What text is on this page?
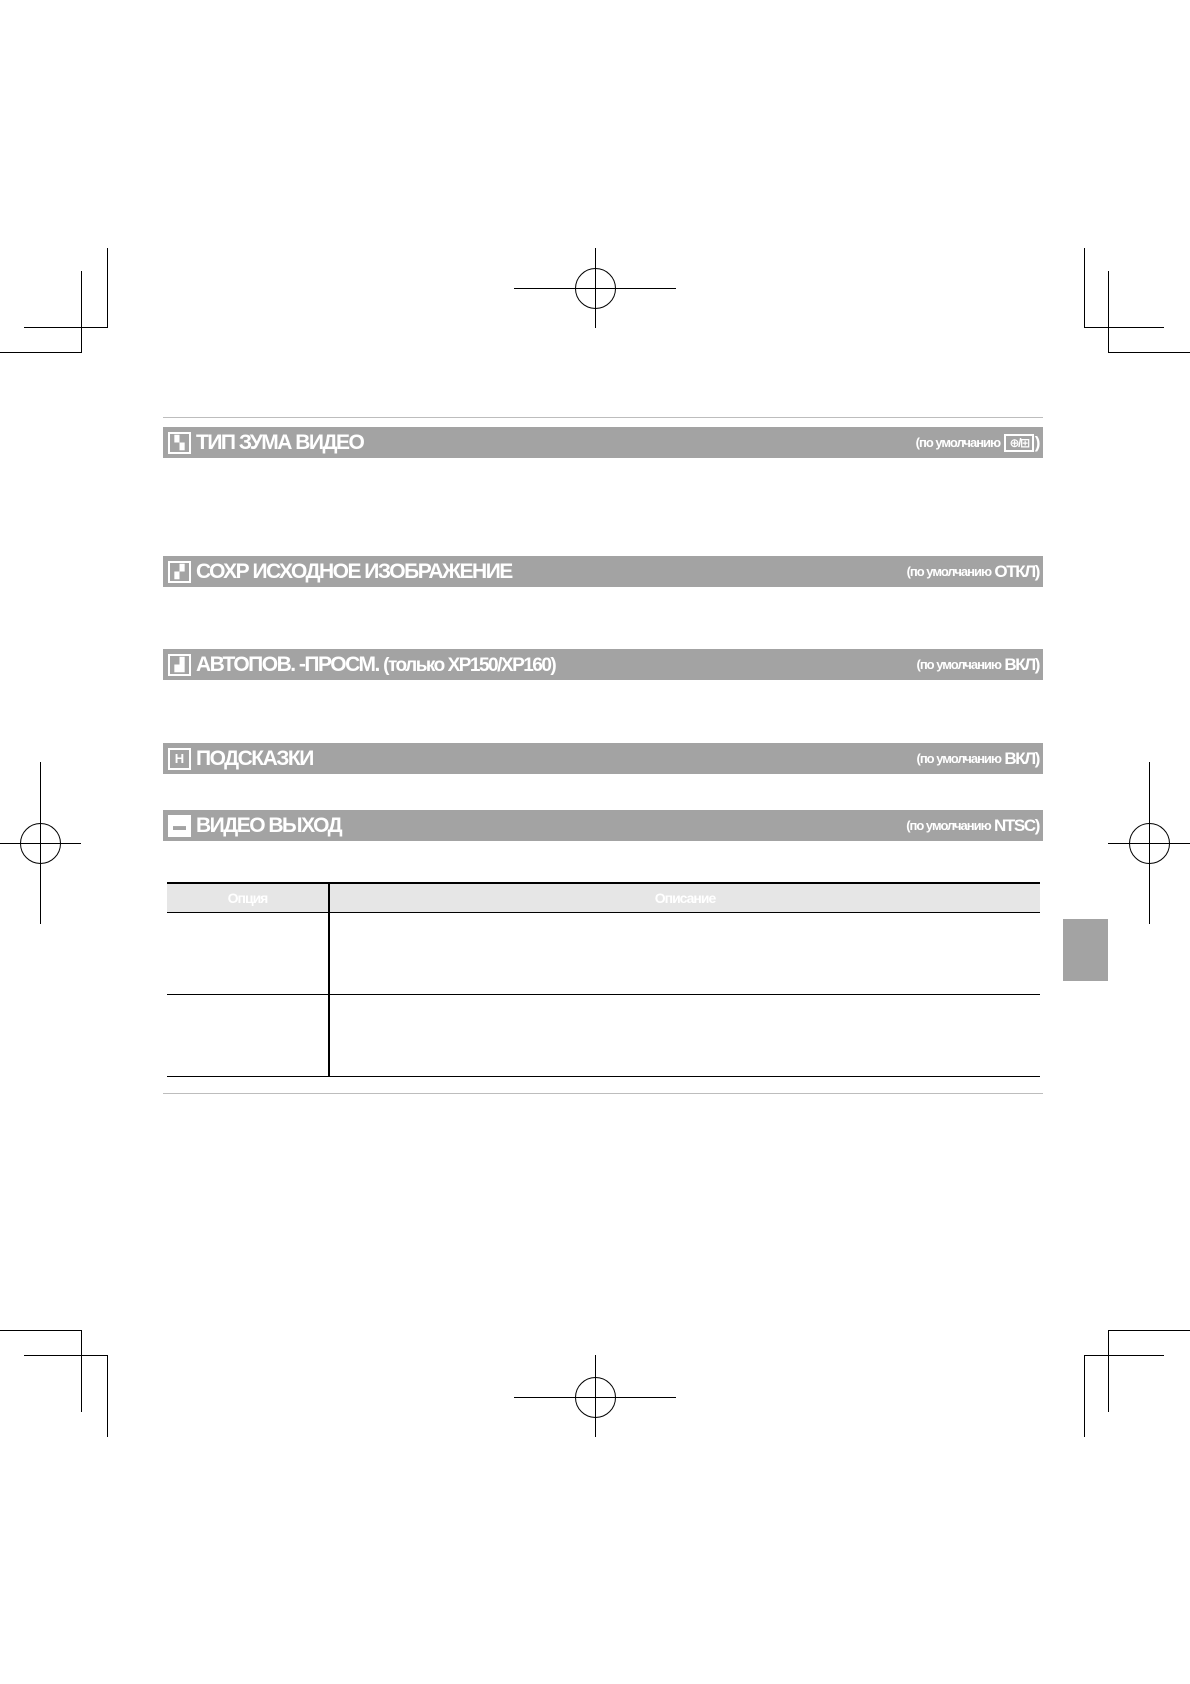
▚ ТИП ЗУМА ВИДЕО	(по умолчанию
⊕/⊞ )
▞ СОХР ИСХОДНОЕ ИЗОБРАЖЕНИЕ	(по умолчанию
ОТКЛ )
▟ АВТОПОВ. -ПРОСМ. (только XP150/XP160)	(по умолчанию
ВКЛ )
H ПОДСКАЗКИ	(по умолчанию
ВКЛ )
▬ ВИДЕО ВЫХОД	(по умолчанию
NTSC )
Опция	Описание
